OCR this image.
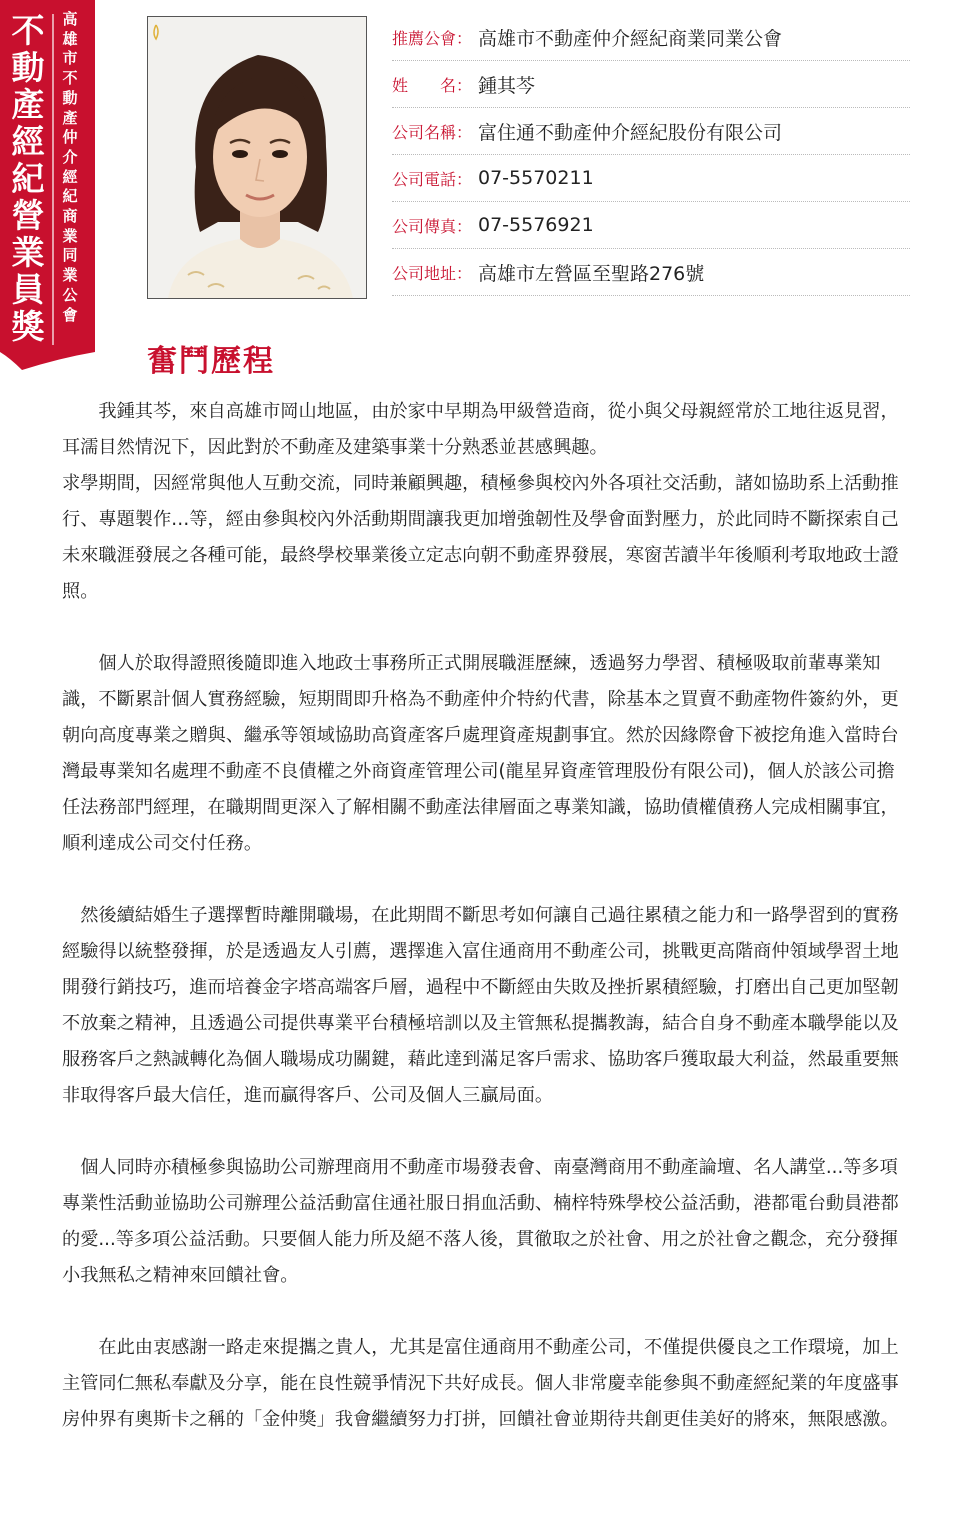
不動產經紀營業員獎
高雄市不動產仲介經紀商業同業公會
推薦公會： 高雄市不動產仲介經紀商業同業公會
姓　　名： 鍾其芩
公司名稱： 富住通不動產仲介經紀股份有限公司
公司電話： 07-5570211
公司傳真： 07-5576921
公司地址： 高雄市左營區至聖路276號
奮鬥歷程

我鍾其芩，來自高雄市岡山地區，由於家中早期為甲級營造商，從小與父母親經常於工地往返見習，耳濡目然情況下，因此對於不動產及建築事業十分熟悉並甚感興趣。

求學期間，因經常與他人互動交流，同時兼顧興趣，積極參與校內外各項社交活動，諸如協助系上活動推行、專題製作…等，經由參與校內外活動期間讓我更加增強韌性及學會面對壓力，於此同時不斷探索自己未來職涯發展之各種可能，最終學校畢業後立定志向朝不動產界發展，寒窗苦讀半年後順利考取地政士證照。

個人於取得證照後隨即進入地政士事務所正式開展職涯歷練，透過努力學習、積極吸取前輩專業知識，不斷累計個人實務經驗，短期間即升格為不動產仲介特約代書，除基本之買賣不動產物件簽約外，更朝向高度專業之贈與、繼承等領域協助高資產客戶處理資產規劃事宜。然於因緣際會下被挖角進入當時台灣最專業知名處理不動產不良債權之外商資產管理公司(龍星昇資產管理股份有限公司)，個人於該公司擔任法務部門經理，在職期間更深入了解相關不動產法律層面之專業知識，協助債權債務人完成相關事宜，順利達成公司交付任務。

然後續結婚生子選擇暫時離開職場，在此期間不斷思考如何讓自己過往累積之能力和一路學習到的實務經驗得以統整發揮，於是透過友人引薦，選擇進入富住通商用不動產公司，挑戰更高階商仲領域學習土地開發行銷技巧，進而培養金字塔高端客戶層，過程中不斷經由失敗及挫折累積經驗，打磨出自己更加堅韌不放棄之精神，且透過公司提供專業平台積極培訓以及主管無私提攜教誨，結合自身不動產本職學能以及服務客戶之熱誠轉化為個人職場成功關鍵，藉此達到滿足客戶需求、協助客戶獲取最大利益，然最重要無非取得客戶最大信任，進而贏得客戶、公司及個人三贏局面。

個人同時亦積極參與協助公司辦理商用不動產市場發表會、南臺灣商用不動產論壇、名人講堂...等多項專業性活動並協助公司辦理公益活動富住通社服日捐血活動、楠梓特殊學校公益活動，港都電台動員港都的愛...等多項公益活動。只要個人能力所及絕不落人後，貫徹取之於社會、用之於社會之觀念，充分發揮小我無私之精神來回饋社會。

在此由衷感謝一路走來提攜之貴人，尤其是富住通商用不動產公司，不僅提供優良之工作環境，加上主管同仁無私奉獻及分享，能在良性競爭情況下共好成長。個人非常慶幸能參與不動產經紀業的年度盛事房仲界有奧斯卡之稱的「金仲獎」我會繼續努力打拼，回饋社會並期待共創更佳美好的將來，無限感激。
